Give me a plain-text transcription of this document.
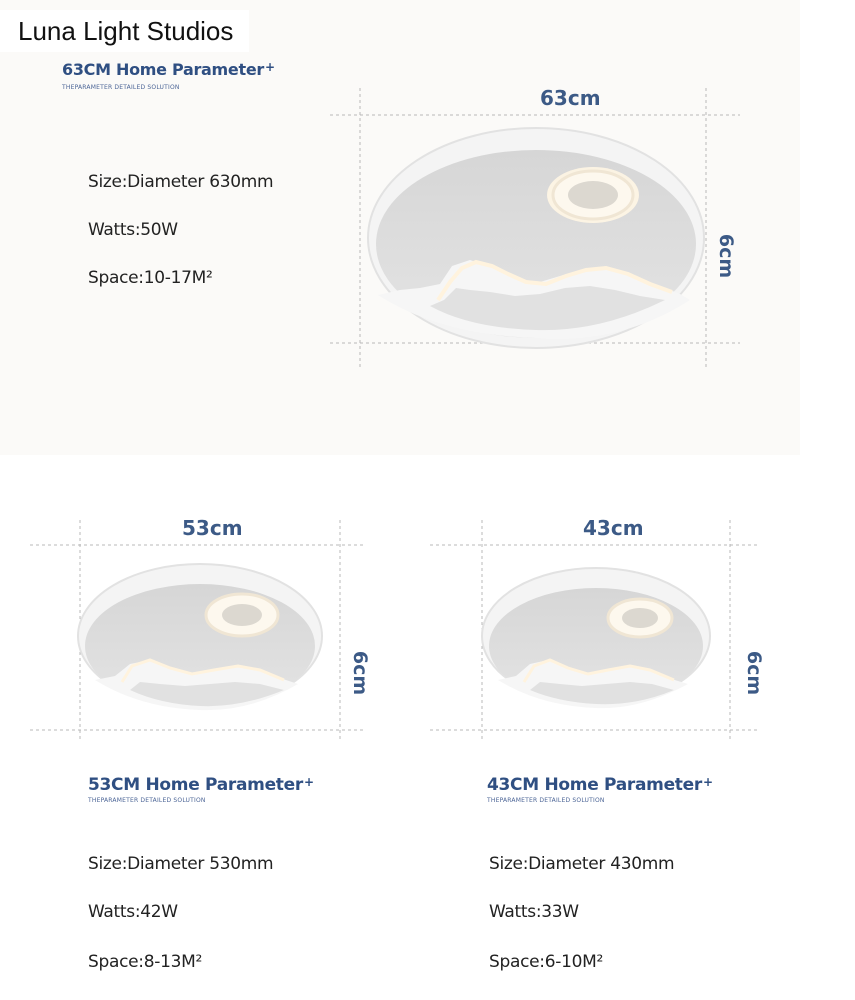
Luna Light Studios
63CM Home Parameter+
THEPARAMETER DETAILED SOLUTION
Size:Diameter 630mm
Watts:50W
Space:10-17M²
63cm
6cm
53cm
6cm
53CM Home Parameter+
THEPARAMETER DETAILED SOLUTION
Size:Diameter 530mm
Watts:42W
Space:8-13M²
43cm
6cm
43CM Home Parameter+
THEPARAMETER DETAILED SOLUTION
Size:Diameter 430mm
Watts:33W
Space:6-10M²
